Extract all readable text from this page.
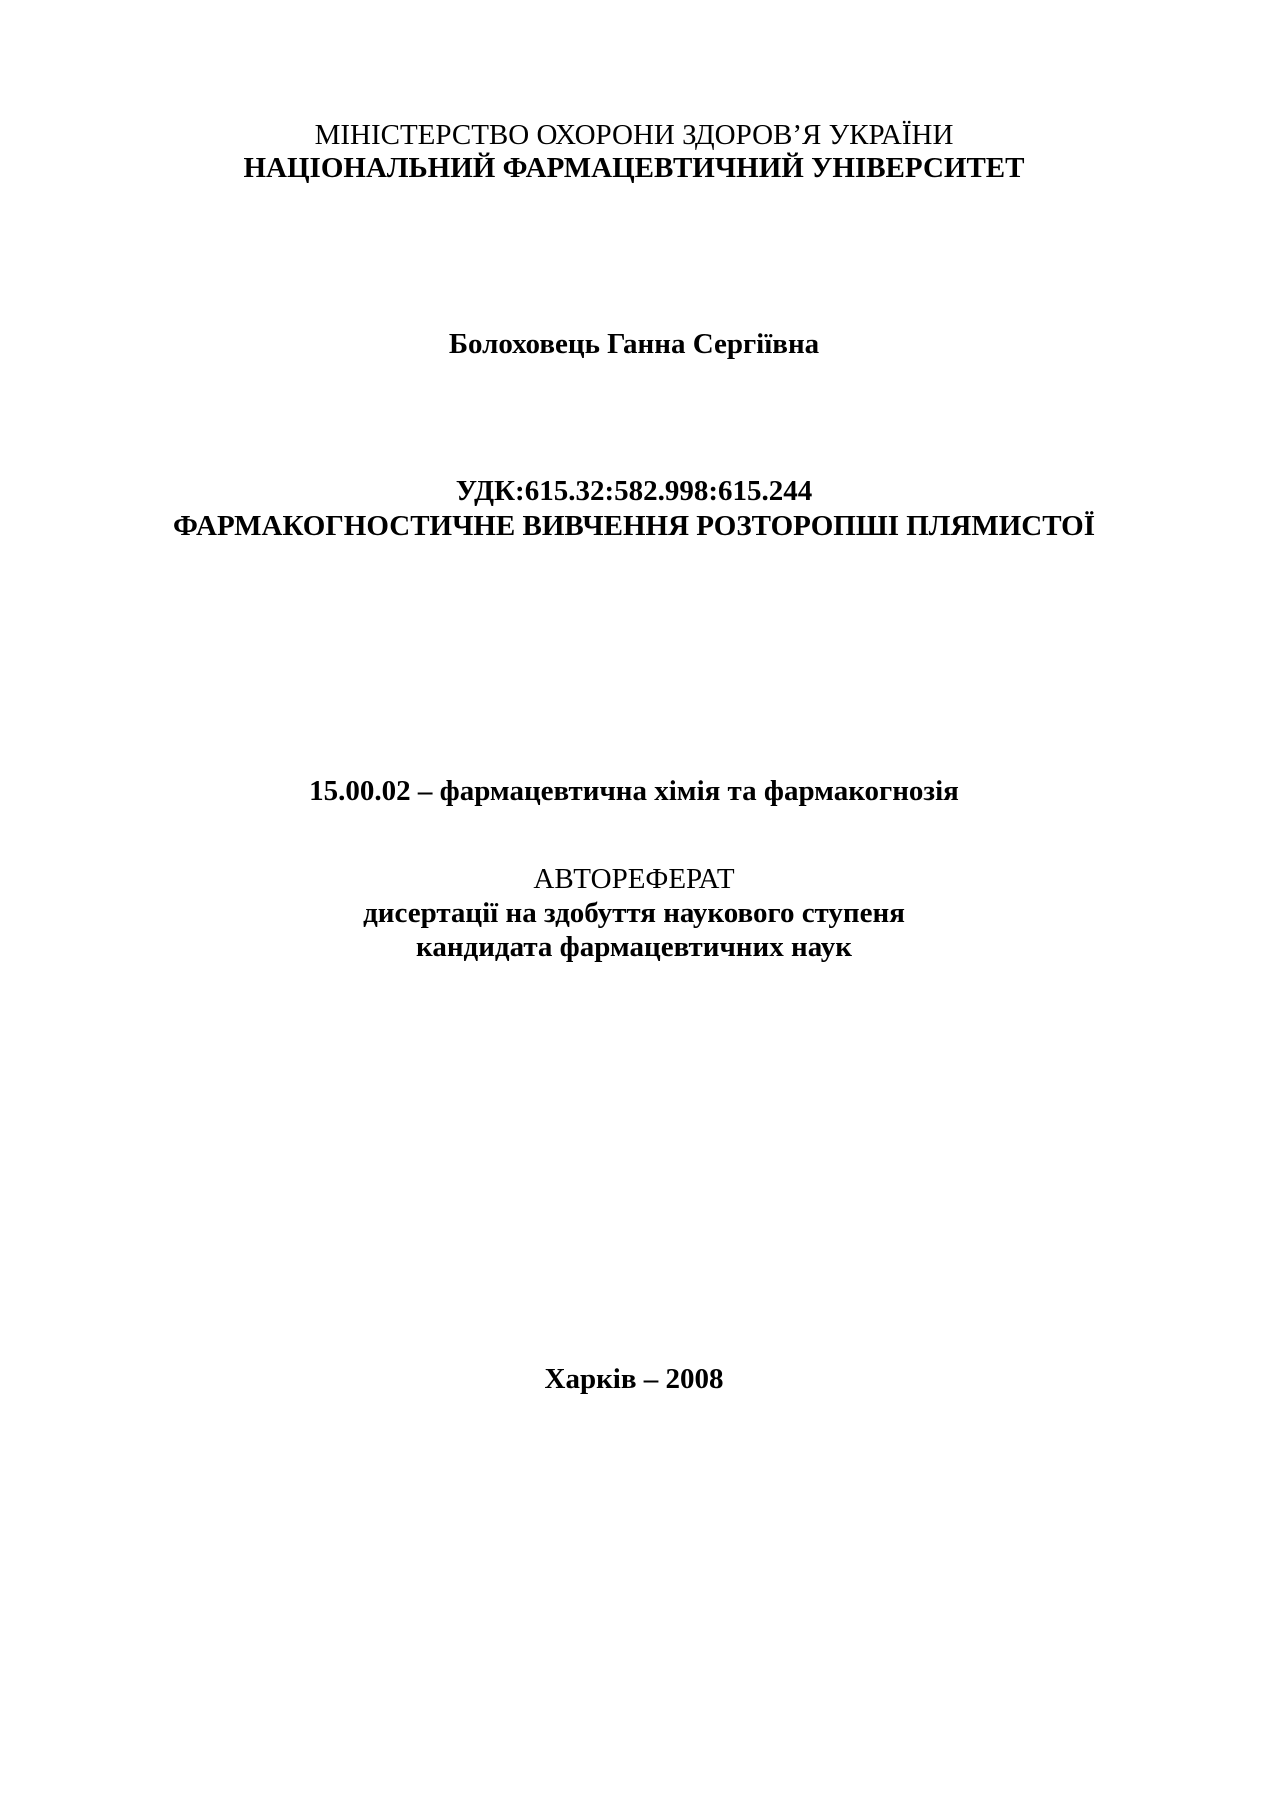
МІНІСТЕРСТВО ОХОРОНИ ЗДОРОВ’Я УКРАЇНИ
НАЦІОНАЛЬНИЙ ФАРМАЦЕВТИЧНИЙ УНІВЕРСИТЕТ
Болоховець Ганна Сергіївна
УДК:615.32:582.998:615.244
ФАРМАКОГНОСТИЧНЕ ВИВЧЕННЯ РОЗТОРОПШІ ПЛЯМИСТОЇ
15.00.02 – фармацевтична хімія та фармакогнозія
АВТОРЕФЕРАТ
дисертації на здобуття наукового ступеня
кандидата фармацевтичних наук
Харків – 2008
